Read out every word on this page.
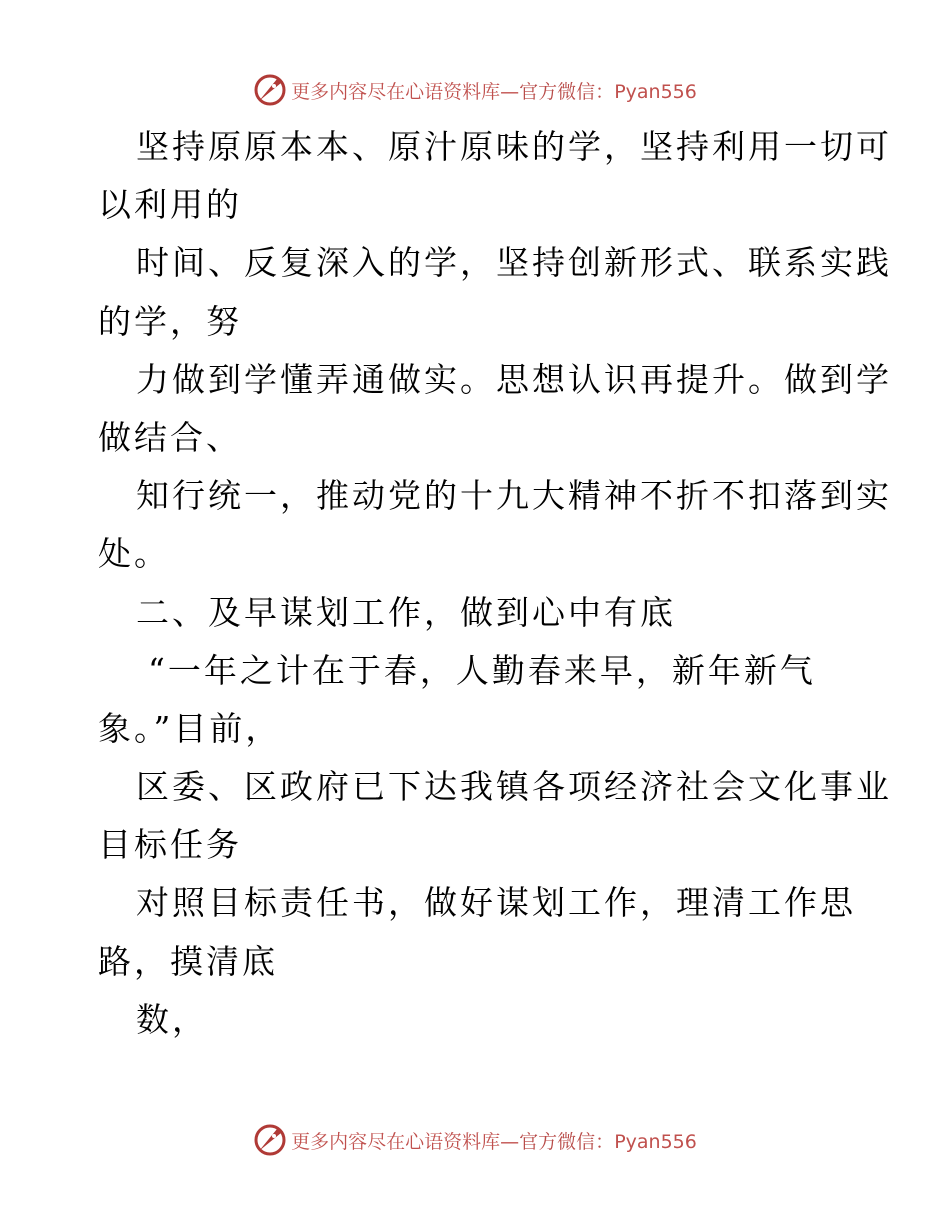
更多内容尽在心语资料库—官方微信：Pyan556
坚持原原本本、原汁原味的学，坚持利用一切可
以利用的
时间、反复深入的学，坚持创新形式、联系实践
的学，努
力做到学懂弄通做实。思想认识再提升。做到学
做结合、
知行统一，推动党的十九大精神不折不扣落到实
处。
二、及早谋划工作，做到心中有底
“一年之计在于春，人勤春来早，新年新气
象。”目前，
区委、区政府已下达我镇各项经济社会文化事业
目标任务
对照目标责任书，做好谋划工作，理清工作思
路，摸清底
数，
更多内容尽在心语资料库—官方微信：Pyan556
